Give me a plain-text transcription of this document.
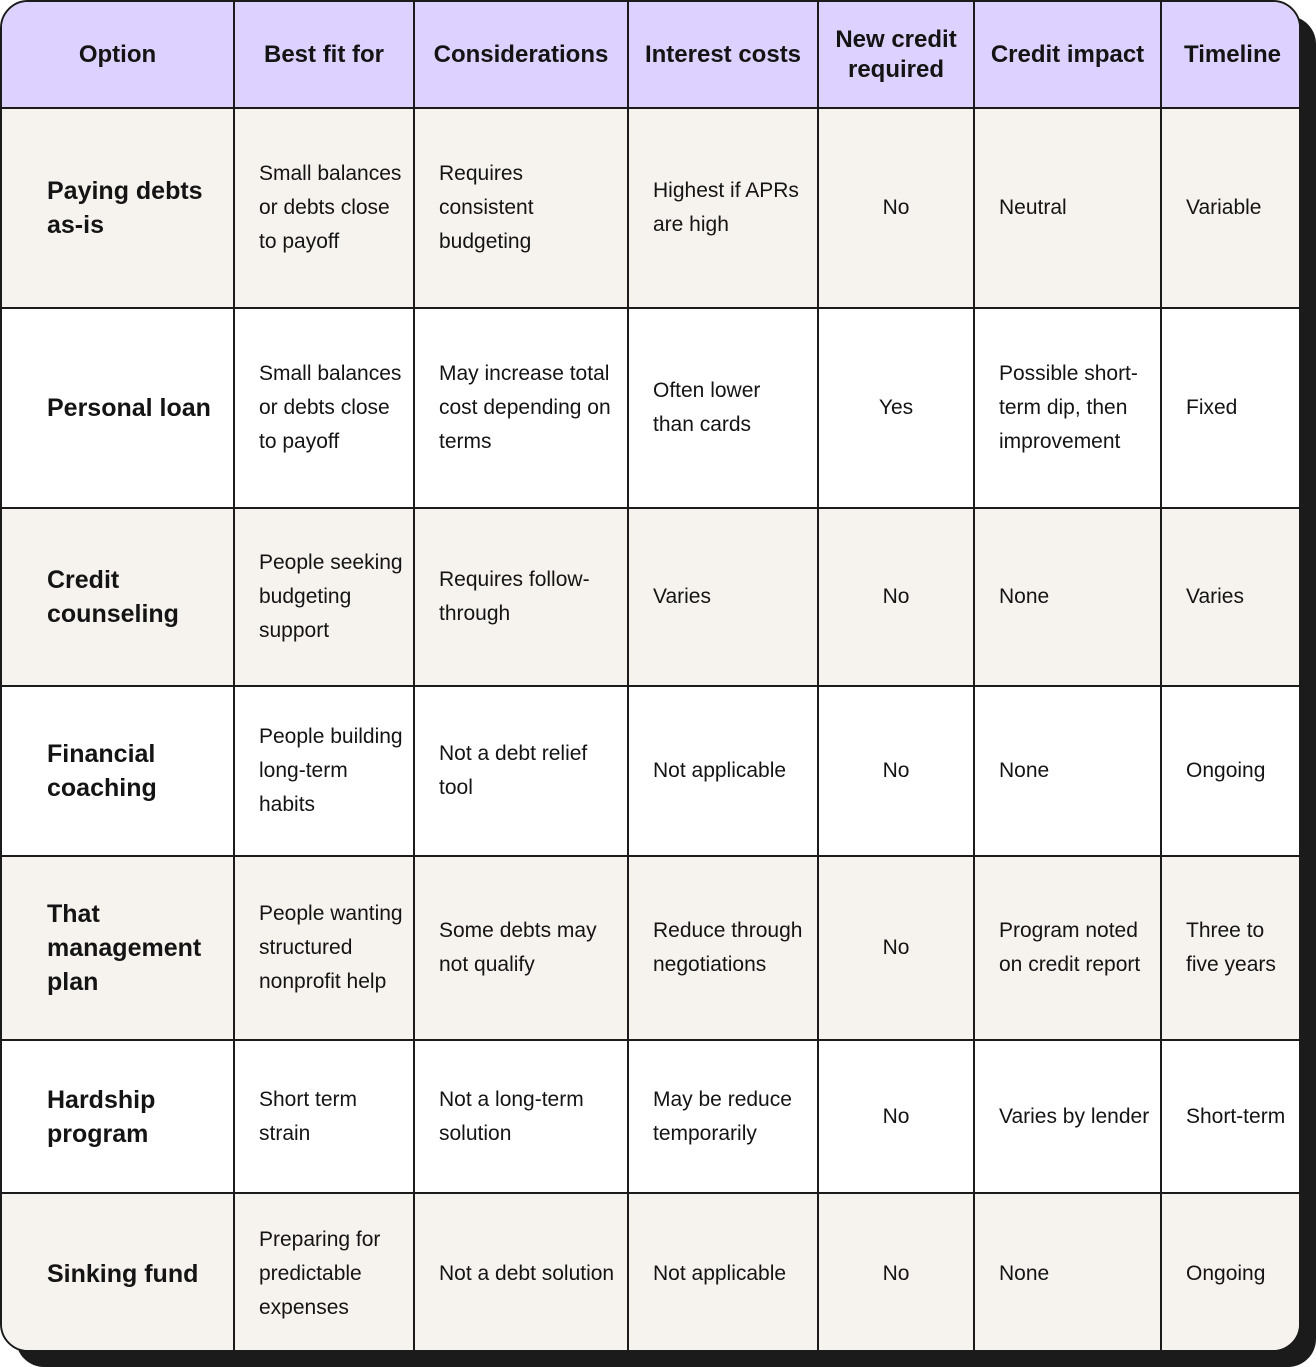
Option	Best fit for	Considerations	Interest costs	New credit required	Credit impact	Timeline

Paying debts as-is	Small balances or debts close to payoff	Requires consistent budgeting	Highest if APRs are high	No	Neutral	Variable

Personal loan	Small balances or debts close to payoff	May increase total cost depending on terms	Often lower than cards	Yes	Possible short-term dip, then improvement	Fixed

Credit counseling	People seeking budgeting support	Requires follow-through	Varies	No	None	Varies

Financial coaching	People building long-term habits	Not a debt relief tool	Not applicable	No	None	Ongoing

That management plan	People wanting structured nonprofit help	Some debts may not qualify	Reduce through negotiations	No	Program noted on credit report	Three to five years

Hardship program	Short term strain	Not a long-term solution	May be reduce temporarily	No	Varies by lender	Short-term

Sinking fund	Preparing for predictable expenses	Not a debt solution	Not applicable	No	None	Ongoing
